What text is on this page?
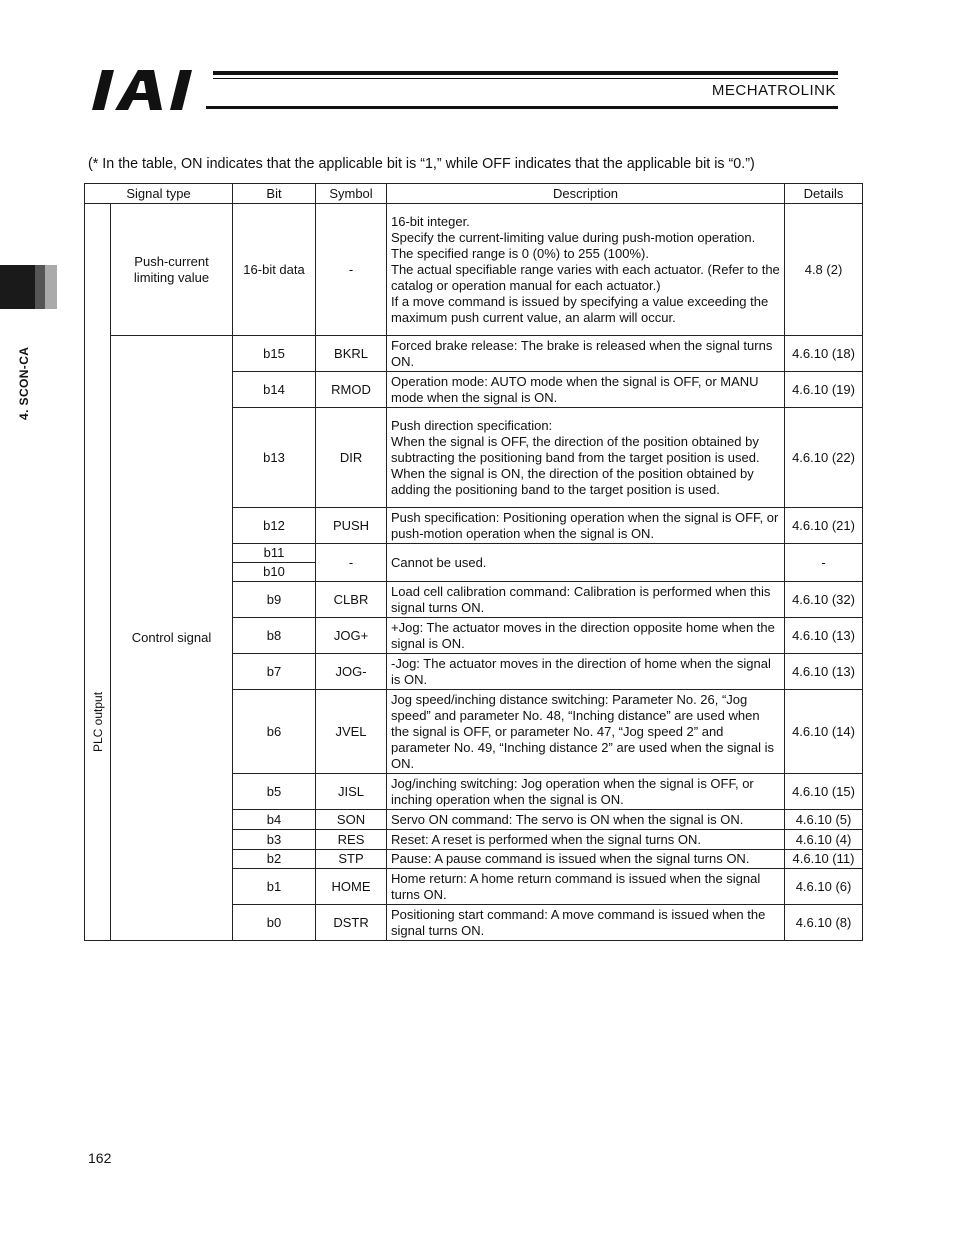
MECHATROLINK
4. SCON-CA
(* In the table, ON indicates that the applicable bit is “1,” while OFF indicates that the applicable bit is “0.”)
Signal type		Bit	Symbol	Description	Details

PLC output	Push-current limiting value	16-bit data	-	16-bit integer.
Specify the current-limiting value during push-motion operation.
The specified range is 0 (0%) to 255 (100%).
The actual specifiable range varies with each actuator. (Refer to the catalog or operation manual for each actuator.)
If a move command is issued by specifying a value exceeding the maximum push current value, an alarm will occur.	4.8 (2)
	Control signal	b15	BKRL	Forced brake release: The brake is released when the signal turns ON.	4.6.10 (18)
		b14	RMOD	Operation mode: AUTO mode when the signal is OFF, or MANU mode when the signal is ON.	4.6.10 (19)
		b13	DIR	Push direction specification:
When the signal is OFF, the direction of the position obtained by subtracting the positioning band from the target position is used.
When the signal is ON, the direction of the position obtained by adding the positioning band to the target position is used.	4.6.10 (22)
		b12	PUSH	Push specification: Positioning operation when the signal is OFF, or push-motion operation when the signal is ON.	4.6.10 (21)
		b11	-	Cannot be used.	-
		b10			
		b9	CLBR	Load cell calibration command: Calibration is performed when this signal turns ON.	4.6.10 (32)
		b8	JOG+	+Jog: The actuator moves in the direction opposite home when the signal is ON.	4.6.10 (13)
		b7	JOG-	-Jog: The actuator moves in the direction of home when the signal is ON.	4.6.10 (13)
		b6	JVEL	Jog speed/inching distance switching: Parameter No. 26, “Jog speed” and parameter No. 48, “Inching distance” are used when the signal is OFF, or parameter No. 47, “Jog speed 2” and parameter No. 49, “Inching distance 2” are used when the signal is ON.	4.6.10 (14)
		b5	JISL	Jog/inching switching: Jog operation when the signal is OFF, or inching operation when the signal is ON.	4.6.10 (15)
		b4	SON	Servo ON command: The servo is ON when the signal is ON.	4.6.10 (5)
		b3	RES	Reset: A reset is performed when the signal turns ON.	4.6.10 (4)
		b2	STP	Pause: A pause command is issued when the signal turns ON.	4.6.10 (11)
		b1	HOME	Home return: A home return command is issued when the signal turns ON.	4.6.10 (6)
		b0	DSTR	Positioning start command: A move command is issued when the signal turns ON.	4.6.10 (8)
162
